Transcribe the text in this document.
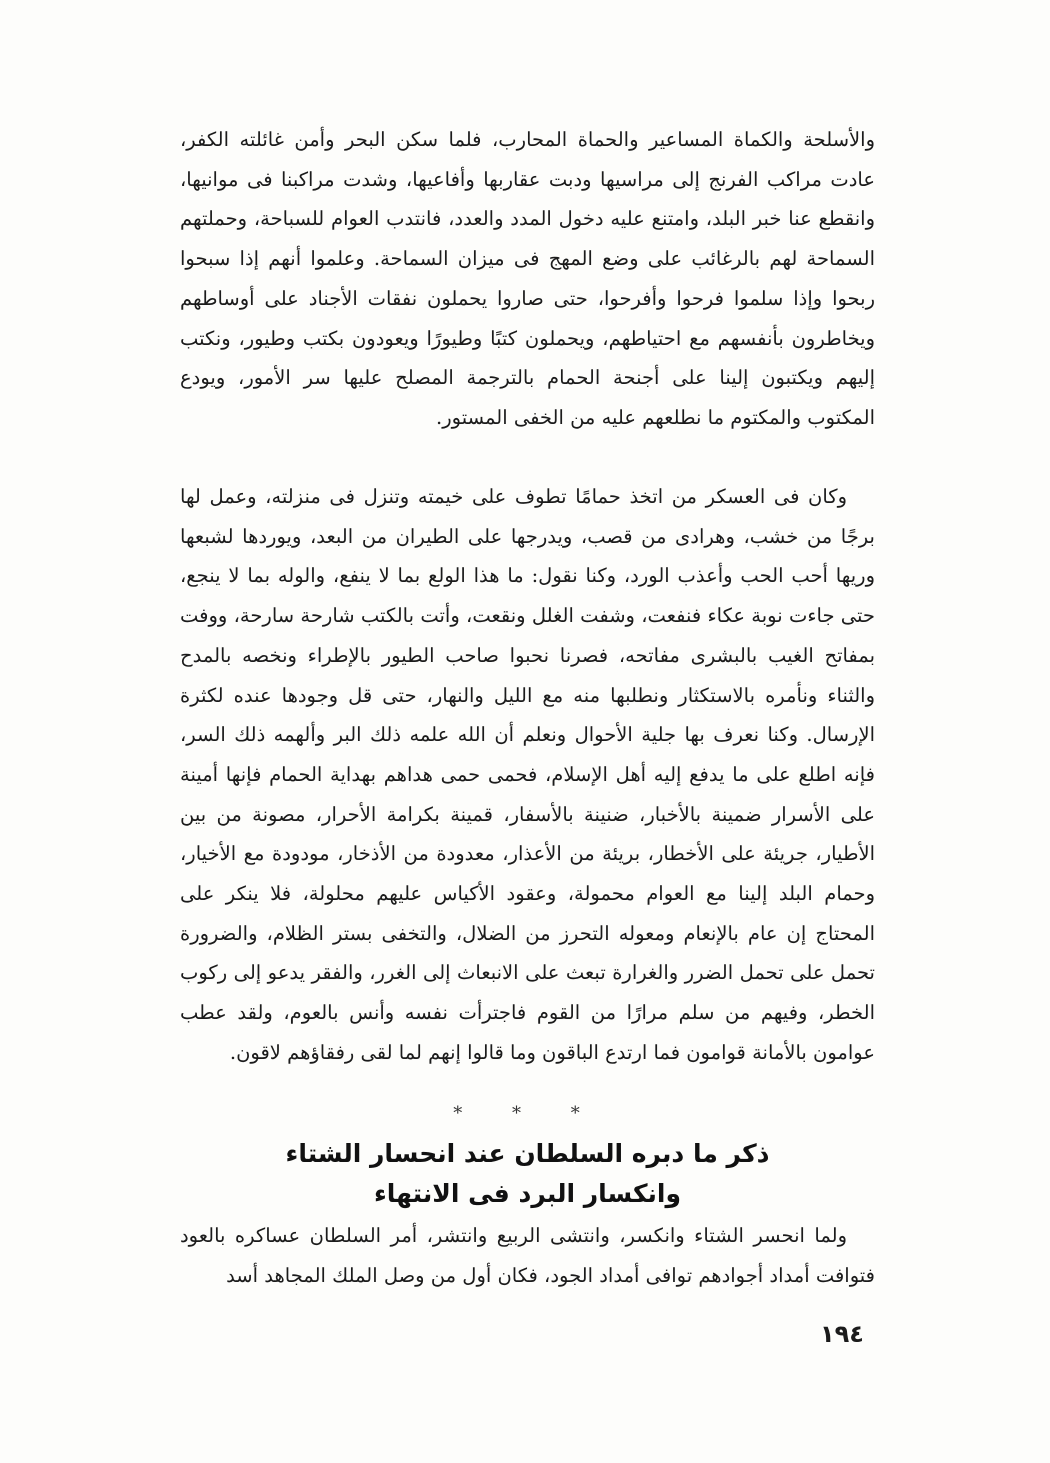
والأسلحة والكماة المساعير والحماة المحارب، فلما سكن البحر وأمن غائلته الكفر، عادت مراكب الفرنج إلى مراسيها ودبت عقاربها وأفاعيها، وشدت مراكبنا فى موانيها، وانقطع عنا خبر البلد، وامتنع عليه دخول المدد والعدد، فانتدب العوام للسباحة، وحملتهم السماحة لهم بالرغائب على وضع المهج فى ميزان السماحة. وعلموا أنهم إذا سبحوا ربحوا وإذا سلموا فرحوا وأفرحوا، حتى صاروا يحملون نفقات الأجناد على أوساطهم ويخاطرون بأنفسهم مع احتياطهم، ويحملون كتبًا وطيورًا ويعودون بكتب وطيور، ونكتب إليهم ويكتبون إلينا على أجنحة الحمام بالترجمة المصلح عليها سر الأمور، ويودع المكتوب والمكتوم ما نطلعهم عليه من الخفى المستور.

وكان فى العسكر من اتخذ حمامًا تطوف على خيمته وتنزل فى منزلته، وعمل لها برجًا من خشب، وهرادى من قصب، ويدرجها على الطيران من البعد، ويوردها لشبعها وريها أحب الحب وأعذب الورد، وكنا نقول: ما هذا الولع بما لا ينفع، والوله بما لا ينجع، حتى جاءت نوبة عكاء فنفعت، وشفت الغلل ونقعت، وأتت بالكتب شارحة سارحة، ووفت بمفاتح الغيب بالبشرى مفاتحه، فصرنا نحبوا صاحب الطيور بالإطراء ونخصه بالمدح والثناء ونأمره بالاستكثار ونطلبها منه مع الليل والنهار، حتى قل وجودها عنده لكثرة الإرسال. وكنا نعرف بها جلية الأحوال ونعلم أن الله علمه ذلك البر وألهمه ذلك السر، فإنه اطلع على ما يدفع إليه أهل الإسلام، فحمى حمى هداهم بهداية الحمام فإنها أمينة على الأسرار ضمينة بالأخبار، ضنينة بالأسفار، قمينة بكرامة الأحرار، مصونة من بين الأطيار، جريئة على الأخطار، بريئة من الأعذار، معدودة من الأذخار، مودودة مع الأخيار، وحمام البلد إلينا مع العوام محمولة، وعقود الأكياس عليهم محلولة، فلا ينكر على المحتاج إن عام بالإنعام ومعوله التحرز من الضلال، والتخفى بستر الظلام، والضرورة تحمل على تحمل الضرر والغرارة تبعث على الانبعاث إلى الغرر، والفقر يدعو إلى ركوب الخطر، وفيهم من سلم مرارًا من القوم فاجترأت نفسه وأنس بالعوم، ولقد عطب عوامون بالأمانة قوامون فما ارتدع الباقون وما قالوا إنهم لما لقى رفقاؤهم لاقون.

* * *

ذكر ما دبره السلطان عند انحسار الشتاء
وانكسار البرد فى الانتهاء

ولما انحسر الشتاء وانكسر، وانتشى الربيع وانتشر، أمر السلطان عساكره بالعود فتوافت أمداد أجوادهم توافى أمداد الجود، فكان أول من وصل الملك المجاهد أسد

١٩٤
